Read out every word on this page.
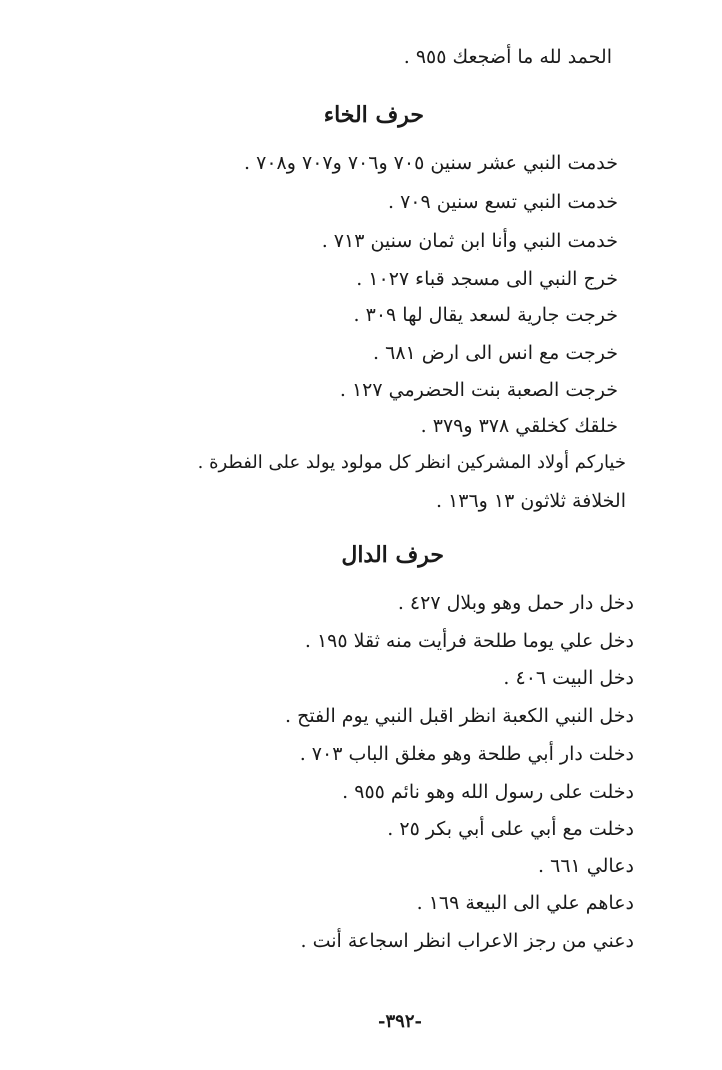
الحمد لله ما أضجعك ٩٥٥ .
حرف الخاء
خدمت النبي عشر سنين ٧٠٥ و٧٠٦ و٧٠٧ و٧٠٨ .
خدمت النبي تسع سنين ٧٠٩ .
خدمت النبي وأنا ابن ثمان سنين ٧١٣ .
خرج النبي الى مسجد قباء ١٠٢٧ .
خرجت جارية لسعد يقال لها ٣٠٩ .
خرجت مع انس الى ارض ٦٨١ .
خرجت الصعبة بنت الحضرمي ١٢٧ .
خلقك كخلقي ٣٧٨ و٣٧٩ .
خياركم أولاد المشركين انظر كل مولود يولد على الفطرة .
الخلافة ثلاثون ١٣ و١٣٦ .
حرف الدال
دخل دار حمل وهو وبلال ٤٢٧ .
دخل علي يوما طلحة فرأيت منه ثقلا ١٩٥ .
دخل البيت ٤٠٦ .
دخل النبي الكعبة انظر اقبل النبي يوم الفتح .
دخلت دار أبي طلحة وهو مغلق الباب ٧٠٣ .
دخلت على رسول الله وهو نائم ٩٥٥ .
دخلت مع أبي على أبي بكر ٢٥ .
دعالي ٦٦١ .
دعاهم علي الى البيعة ١٦٩ .
دعني من رجز الاعراب انظر اسجاعة أنت .
-٣٩٢-
